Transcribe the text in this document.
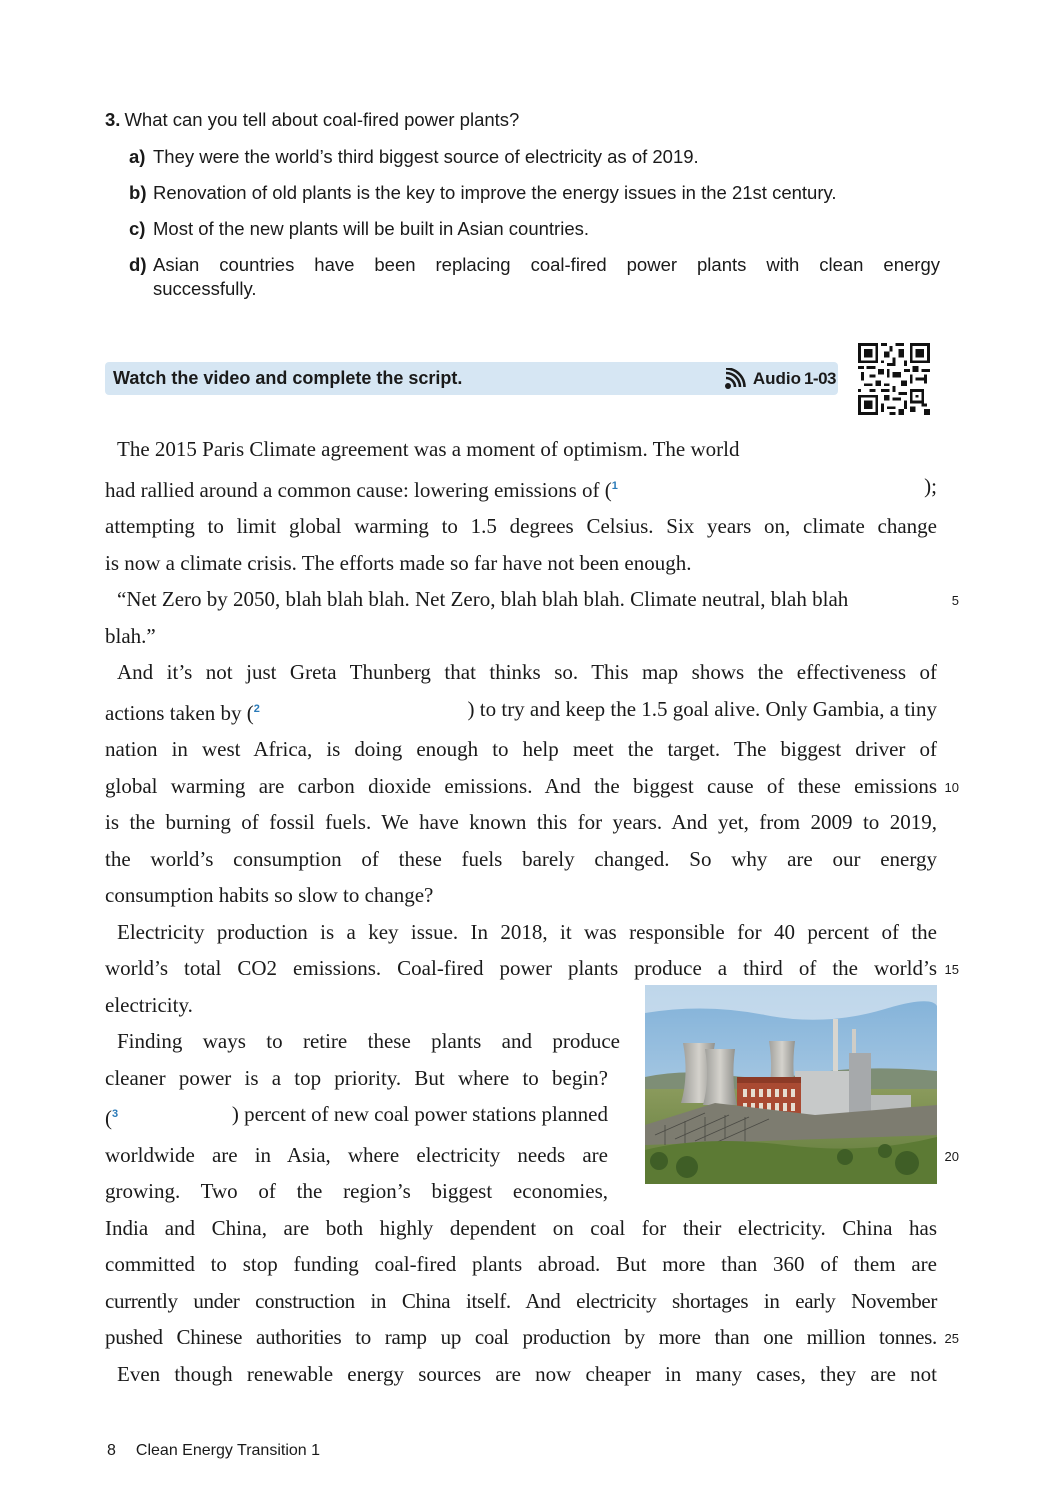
3. What can you tell about coal-fired power plants?

a) They were the world’s third biggest source of electricity as of 2019.

b) Renovation of old plants is the key to improve the energy issues in the 21st century.

c) Most of the new plants will be built in Asian countries.

d) Asian countries have been replacing coal-fired power plants with clean energy
successfully.

Watch the video and complete the script.	Audio 1-03
The 2015 Paris Climate agreement was a moment of optimism. The world
had rallied around a common cause: lowering emissions of ($^1$	);
attempting to limit global warming to 1.5 degrees Celsius. Six years on, climate change
is now a climate crisis. The efforts made so far have not been enough.
“Net Zero by 2050, blah blah blah. Net Zero, blah blah blah. Climate neutral, blah blah	5
blah.”
And it’s not just Greta Thunberg that thinks so. This map shows the effectiveness of
actions taken by ($^2$	) to try and keep the 1.5 goal alive. Only Gambia, a tiny
nation in west Africa, is doing enough to help meet the target. The biggest driver of
global warming are carbon dioxide emissions. And the biggest cause of these emissions 10
is the burning of fossil fuels. We have known this for years. And yet, from 2009 to 2019,
the world’s consumption of these fuels barely changed. So why are our energy
consumption habits so slow to change?
Electricity production is a key issue. In 2018, it was responsible for 40 percent of the
world’s total CO2 emissions. Coal-fired power plants produce a third of the world’s 15
electricity.
Finding ways to retire these plants and produce
cleaner power is a top priority. But where to begin?
($^3$	) percent of new coal power stations planned
worldwide are in Asia, where electricity needs are	20
growing. Two of the region’s biggest economies,
India and China, are both highly dependent on coal for their electricity. China has
committed to stop funding coal-fired plants abroad. But more than 360 of them are
currently under construction in China itself. And electricity shortages in early November
pushed Chinese authorities to ramp up coal production by more than one million tonnes. 25
Even though renewable energy sources are now cheaper in many cases, they are not
8 Clean Energy Transition 1
